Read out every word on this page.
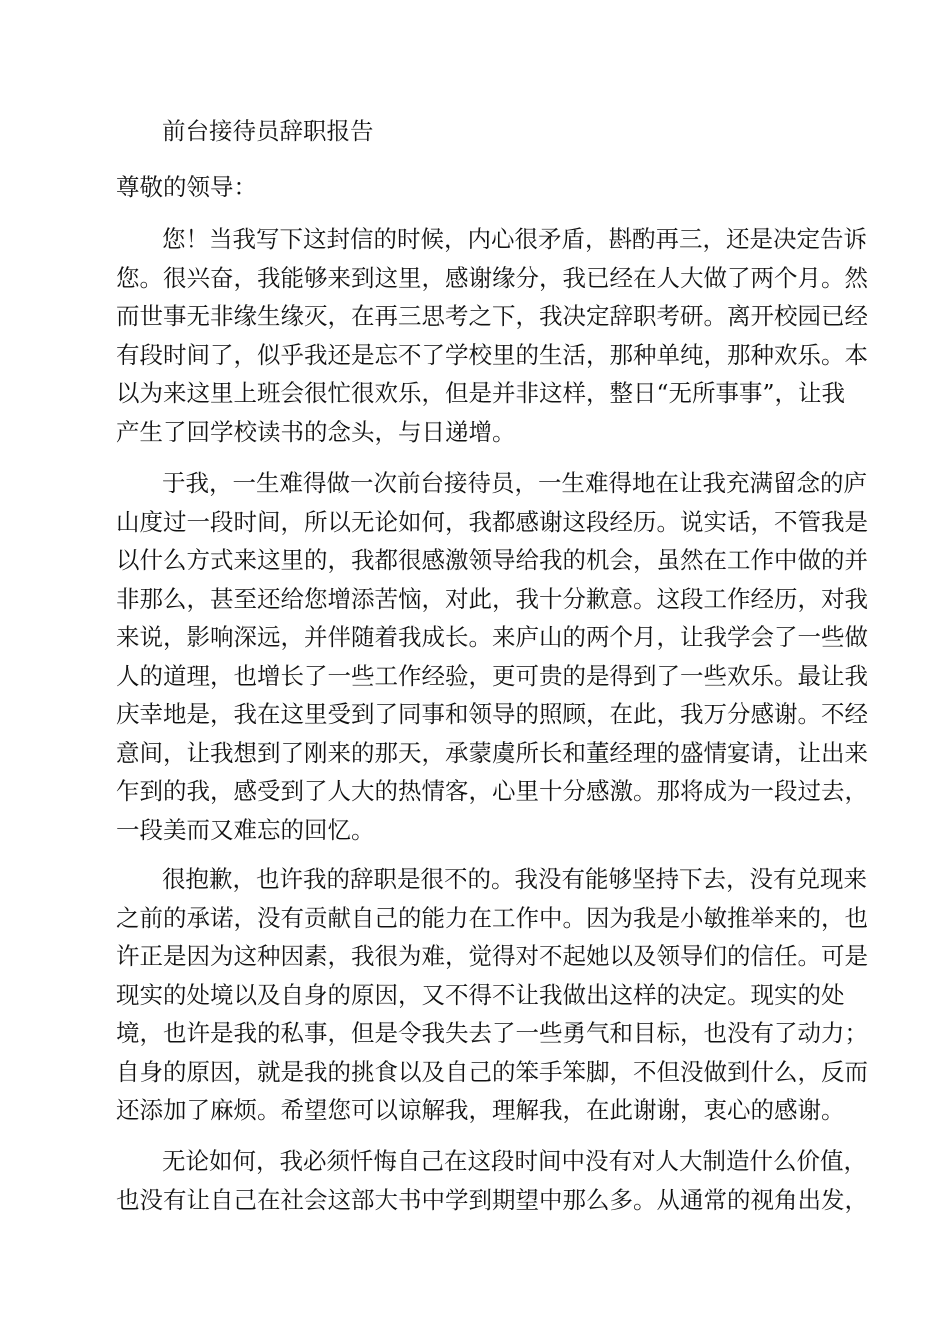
前台接待员辞职报告
尊敬的领导：
您！当我写下这封信的时候，内心很矛盾，斟酌再三，还是决定告诉
您。很兴奋，我能够来到这里，感谢缘分，我已经在人大做了两个月。然
而世事无非缘生缘灭，在再三思考之下，我决定辞职考研。离开校园已经
有段时间了，似乎我还是忘不了学校里的生活，那种单纯，那种欢乐。本
以为来这里上班会很忙很欢乐，但是并非这样，整日“无所事事”，让我
产生了回学校读书的念头，与日递增。
于我，一生难得做一次前台接待员，一生难得地在让我充满留念的庐
山度过一段时间，所以无论如何，我都感谢这段经历。说实话，不管我是
以什么方式来这里的，我都很感激领导给我的机会，虽然在工作中做的并
非那么，甚至还给您增添苦恼，对此，我十分歉意。这段工作经历，对我
来说，影响深远，并伴随着我成长。来庐山的两个月，让我学会了一些做
人的道理，也增长了一些工作经验，更可贵的是得到了一些欢乐。最让我
庆幸地是，我在这里受到了同事和领导的照顾，在此，我万分感谢。不经
意间，让我想到了刚来的那天，承蒙虞所长和董经理的盛情宴请，让出来
乍到的我，感受到了人大的热情客，心里十分感激。那将成为一段过去，
一段美而又难忘的回忆。
很抱歉，也许我的辞职是很不的。我没有能够坚持下去，没有兑现来
之前的承诺，没有贡献自己的能力在工作中。因为我是小敏推举来的，也
许正是因为这种因素，我很为难，觉得对不起她以及领导们的信任。可是
现实的处境以及自身的原因，又不得不让我做出这样的决定。现实的处
境，也许是我的私事，但是令我失去了一些勇气和目标，也没有了动力；
自身的原因，就是我的挑食以及自己的笨手笨脚，不但没做到什么，反而
还添加了麻烦。希望您可以谅解我，理解我，在此谢谢，衷心的感谢。
无论如何，我必须忏悔自己在这段时间中没有对人大制造什么价值，
也没有让自己在社会这部大书中学到期望中那么多。从通常的视角出发，
